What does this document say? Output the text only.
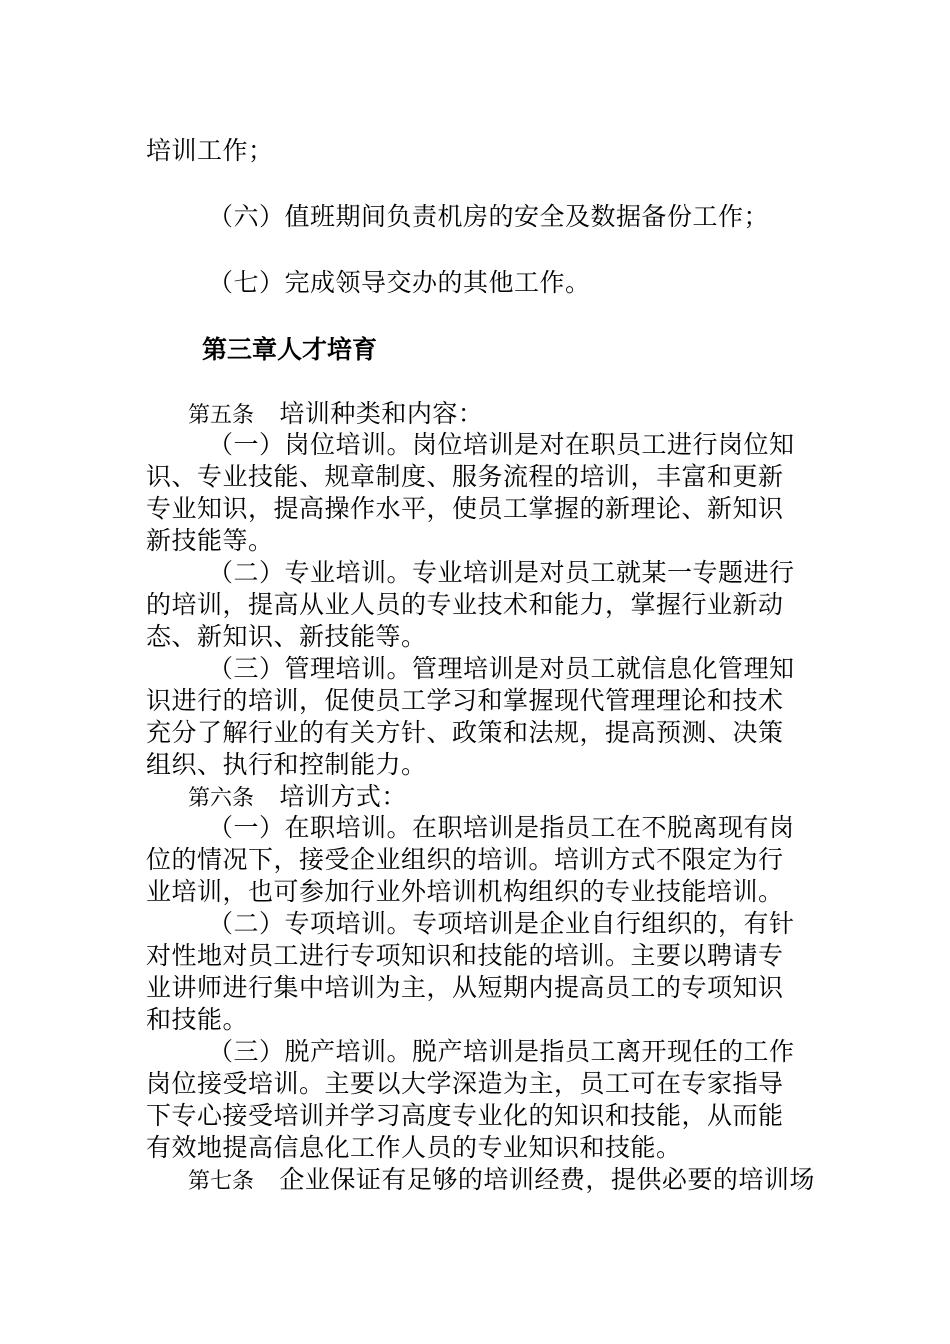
培训工作；
（六）值班期间负责机房的安全及数据备份工作；
（七）完成领导交办的其他工作。
第三章人才培育
第五条 培训种类和内容：
（一）岗位培训。岗位培训是对在职员工进行岗位知
识、专业技能、规章制度、服务流程的培训，丰富和更新
专业知识，提高操作水平，使员工掌握的新理论、新知识
新技能等。
（二）专业培训。专业培训是对员工就某一专题进行
的培训，提高从业人员的专业技术和能力，掌握行业新动
态、新知识、新技能等。
（三）管理培训。管理培训是对员工就信息化管理知
识进行的培训，促使员工学习和掌握现代管理理论和技术
充分了解行业的有关方针、政策和法规，提高预测、决策
组织、执行和控制能力。
第六条 培训方式：
（一）在职培训。在职培训是指员工在不脱离现有岗
位的情况下，接受企业组织的培训。培训方式不限定为行
业培训，也可参加行业外培训机构组织的专业技能培训。
（二）专项培训。专项培训是企业自行组织的，有针
对性地对员工进行专项知识和技能的培训。主要以聘请专
业讲师进行集中培训为主，从短期内提高员工的专项知识
和技能。
（三）脱产培训。脱产培训是指员工离开现任的工作
岗位接受培训。主要以大学深造为主，员工可在专家指导
下专心接受培训并学习高度专业化的知识和技能，从而能
有效地提高信息化工作人员的专业知识和技能。
第七条 企业保证有足够的培训经费，提供必要的培训场
